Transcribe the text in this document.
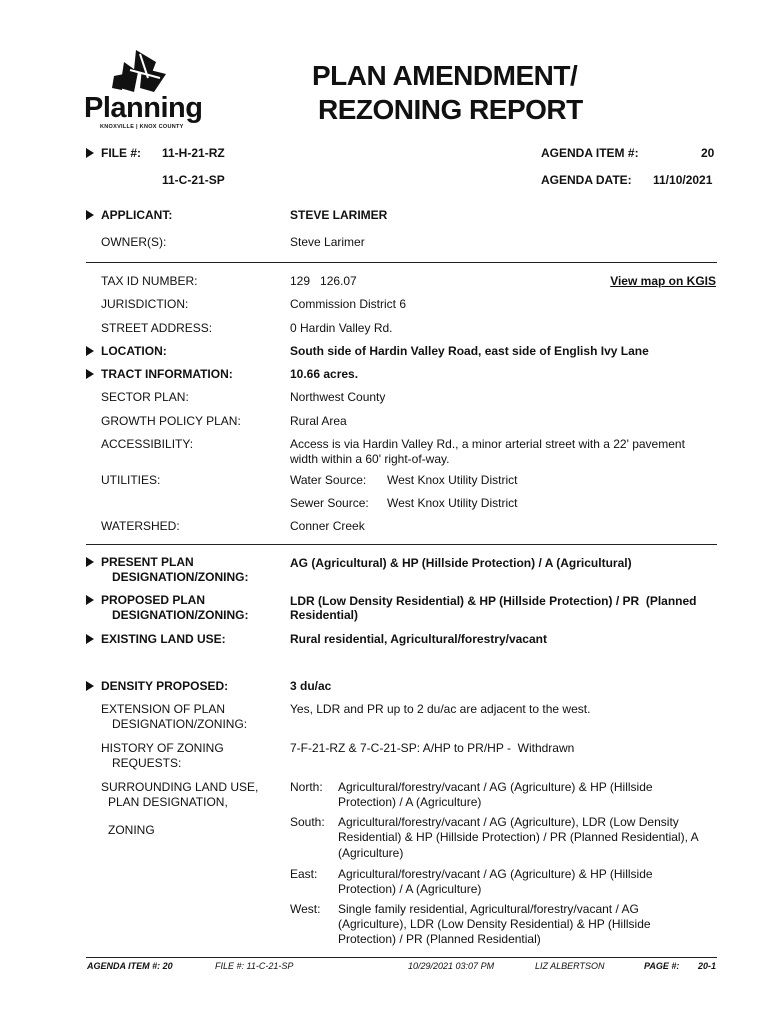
Planning
KNOXVILLE | KNOX COUNTY
PLAN AMENDMENT/
REZONING REPORT
FILE #: 11-H-21-RZ
11-C-21-SP
AGENDA ITEM #:	20
AGENDA DATE: 11/10/2021
APPLICANT:	STEVE LARIMER
OWNER(S):	Steve Larimer
TAX ID NUMBER:	129   126.07	View map on KGIS
JURISDICTION:	Commission District 6
STREET ADDRESS:	0 Hardin Valley Rd.
LOCATION:	South side of Hardin Valley Road, east side of English Ivy Lane
TRACT INFORMATION:	10.66 acres.
SECTOR PLAN:	Northwest County
GROWTH POLICY PLAN:	Rural Area
ACCESSIBILITY:	Access is via Hardin Valley Rd., a minor arterial street with a 22' pavement
width within a 60' right-of-way.
UTILITIES:	Water Source: West Knox Utility District
Sewer Source: West Knox Utility District
WATERSHED:	Conner Creek
PRESENT PLAN
DESIGNATION/ZONING:
AG (Agricultural) & HP (Hillside Protection) / A (Agricultural)
PROPOSED PLAN
DESIGNATION/ZONING:
LDR (Low Density Residential) & HP (Hillside Protection) / PR  (Planned
Residential)
EXISTING LAND USE:	Rural residential, Agricultural/forestry/vacant
DENSITY PROPOSED:	3 du/ac
EXTENSION OF PLAN
DESIGNATION/ZONING:
Yes, LDR and PR up to 2 du/ac are adjacent to the west.
HISTORY OF ZONING
REQUESTS:
7-F-21-RZ & 7-C-21-SP: A/HP to PR/HP -  Withdrawn
SURROUNDING LAND USE,
PLAN DESIGNATION,
ZONING
North: Agricultural/forestry/vacant / AG (Agriculture) & HP (Hillside
Protection) / A (Agriculture)
South: Agricultural/forestry/vacant / AG (Agriculture), LDR (Low Density
Residential) & HP (Hillside Protection) / PR (Planned Residential), A
(Agriculture)
East: Agricultural/forestry/vacant / AG (Agriculture) & HP (Hillside
Protection) / A (Agriculture)
West: Single family residential, Agricultural/forestry/vacant / AG
(Agriculture), LDR (Low Density Residential) & HP (Hillside
Protection) / PR (Planned Residential)
AGENDA ITEM #: 20	FILE #: 11-C-21-SP	10/29/2021 03:07 PM	LIZ ALBERTSON	PAGE #: 20-1
